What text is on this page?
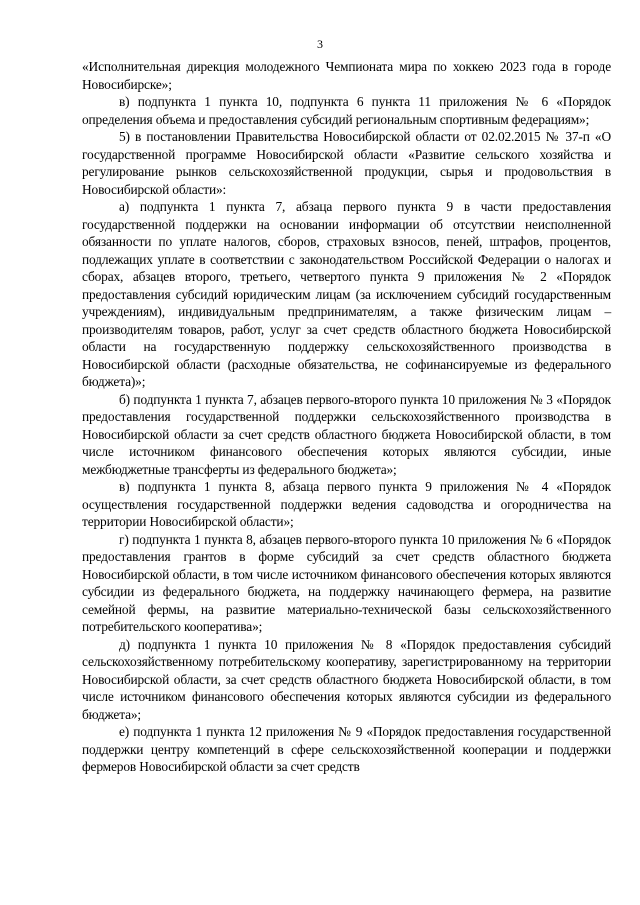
3

«Исполнительная дирекция молодежного Чемпионата мира по хоккею 2023 года в городе Новосибирске»;

в) подпункта 1 пункта 10, подпункта 6 пункта 11 приложения № 6 «Порядок определения объема и предоставления субсидий региональным спортивным федерациям»;

5) в постановлении Правительства Новосибирской области от 02.02.2015 № 37-п «О государственной программе Новосибирской области «Развитие сельского хозяйства и регулирование рынков сельскохозяйственной продукции, сырья и продовольствия в Новосибирской области»:

а) подпункта 1 пункта 7, абзаца первого пункта 9 в части предоставления государственной поддержки на основании информации об отсутствии неисполненной обязанности по уплате налогов, сборов, страховых взносов, пеней, штрафов, процентов, подлежащих уплате в соответствии с законодательством Российской Федерации о налогах и сборах, абзацев второго, третьего, четвертого пункта 9 приложения № 2 «Порядок предоставления субсидий юридическим лицам (за исключением субсидий государственным учреждениям), индивидуальным предпринимателям, а также физическим лицам – производителям товаров, работ, услуг за счет средств областного бюджета Новосибирской области на государственную поддержку сельскохозяйственного производства в Новосибирской области (расходные обязательства, не софинансируемые из федерального бюджета)»;

б) подпункта 1 пункта 7, абзацев первого-второго пункта 10 приложения № 3 «Порядок предоставления государственной поддержки сельскохозяйственного производства в Новосибирской области за счет средств областного бюджета Новосибирской области, в том числе источником финансового обеспечения которых являются субсидии, иные межбюджетные трансферты из федерального бюджета»;

в) подпункта 1 пункта 8, абзаца первого пункта 9 приложения № 4 «Порядок осуществления государственной поддержки ведения садоводства и огородничества на территории Новосибирской области»;

г) подпункта 1 пункта 8, абзацев первого-второго пункта 10 приложения № 6 «Порядок предоставления грантов в форме субсидий за счет средств областного бюджета Новосибирской области, в том числе источником финансового обеспечения которых являются субсидии из федерального бюджета, на поддержку начинающего фермера, на развитие семейной фермы, на развитие материально-технической базы сельскохозяйственного потребительского кооператива»;

д) подпункта 1 пункта 10 приложения № 8 «Порядок предоставления субсидий сельскохозяйственному потребительскому кооперативу, зарегистрированному на территории Новосибирской области, за счет средств областного бюджета Новосибирской области, в том числе источником финансового обеспечения которых являются субсидии из федерального бюджета»;

е) подпункта 1 пункта 12 приложения № 9 «Порядок предоставления государственной поддержки центру компетенций в сфере сельскохозяйственной кооперации и поддержки фермеров Новосибирской области за счет средств
